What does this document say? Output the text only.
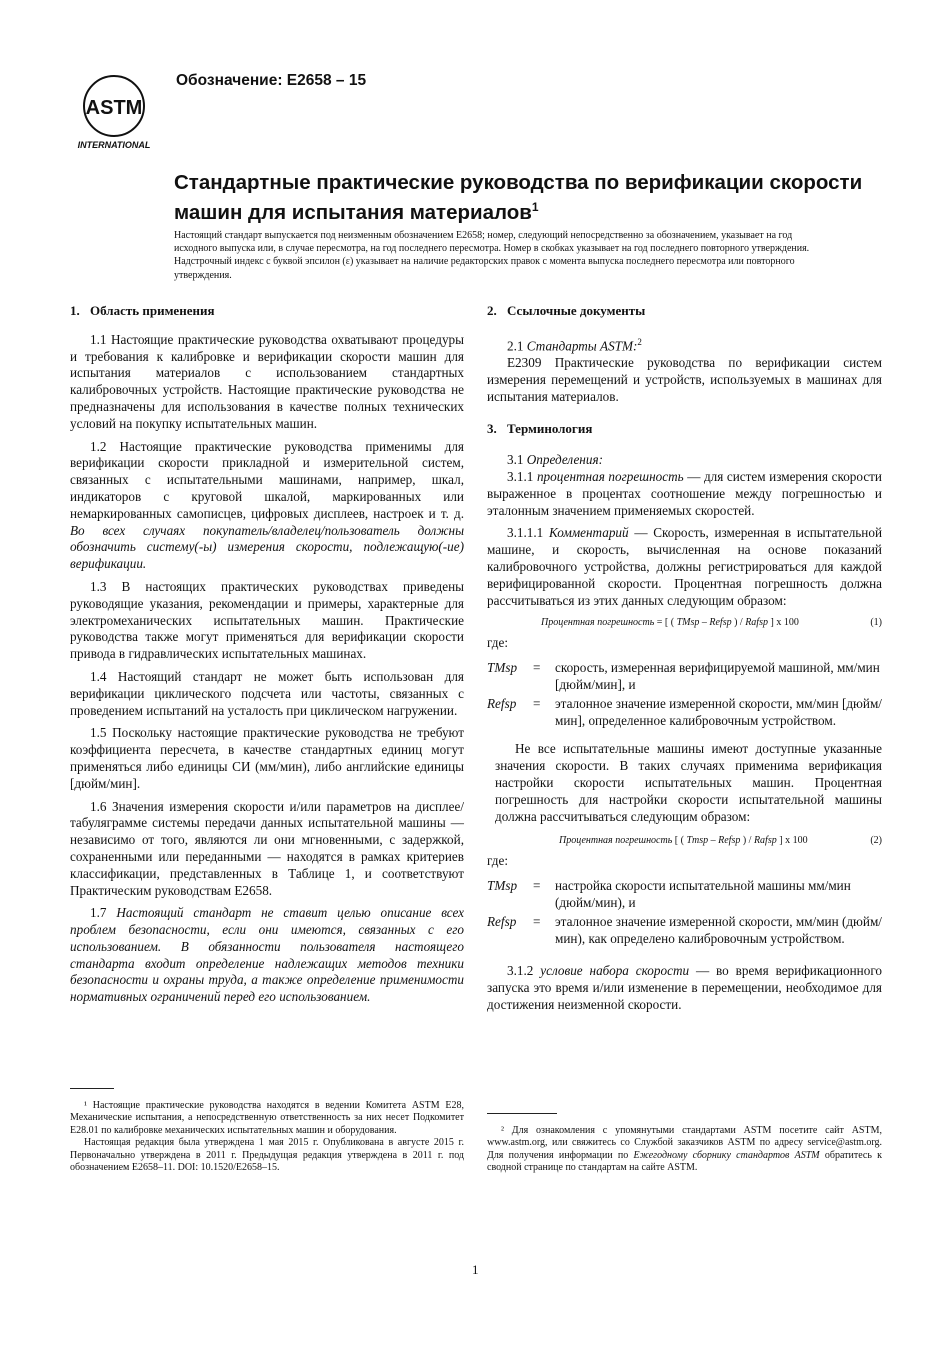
ASTM
INTERNATIONAL
Обозначение: E2658 – 15
Стандартные практические руководства по верификации скорости машин для испытания материалов$^1$
Настоящий стандарт выпускается под неизменным обозначением E2658; номер, следующий непосредственно за обозначением, указывает на год исходного выпуска или, в случае пересмотра, на год последнего пересмотра. Номер в скобках указывает на год последнего повторного утверждения. Надстрочный индекс с буквой эпсилон (ε) указывает на наличие редакторских правок с момента выпуска последнего пересмотра или повторного утверждения.
1. Область применения

1.1 Настоящие практические руководства охватывают процедуры и требования к калибровке и верификации скорости машин для испытания материалов с использованием стандартных калибровочных устройств. Настоящие практические руководства не предназначены для использования в качестве полных технических условий на покупку испытательных машин.

1.2 Настоящие практические руководства применимы для верификации скорости прикладной и измерительной систем, связанных с испытательными машинами, например, шкал, индикаторов с круговой шкалой, маркированных или немаркированных самописцев, цифровых дисплеев, настроек и т. д. Во всех случаях покупатель/владелец/пользователь должны обозначить систему(-ы) измерения скорости, подлежащую(-ие) верификации.

1.3 В настоящих практических руководствах приведены руководящие указания, рекомендации и примеры, характерные для электромеханических испытательных машин. Практические руководства также могут применяться для верификации скорости привода в гидравлических испытательных машинах.

1.4 Настоящий стандарт не может быть использован для верификации циклического подсчета или частоты, связанных с проведением испытаний на усталость при циклическом нагружении.

1.5 Поскольку настоящие практические руководства не требуют коэффициента пересчета, в качестве стандартных единиц могут применяться либо единицы СИ (мм/мин), либо английские единицы [дюйм/мин].

1.6 Значения измерения скорости и/или параметров на дисплее/табуляграмме системы передачи данных испытательной машины — независимо от того, являются ли они мгновенными, с задержкой, сохраненными или переданными — находятся в рамках критериев классификации, представленных в Таблице 1, и соответствуют Практическим руководствам E2658.

1.7 Настоящий стандарт не ставит целью описание всех проблем безопасности, если они имеются, связанных с его использованием. В обязанности пользователя настоящего стандарта входит определение надлежащих методов техники безопасности и охраны труда, а также определение применимости нормативных ограничений перед его использованием.

¹ Настоящие практические руководства находятся в ведении Комитета ASTM E28, Механические испытания, а непосредственную ответственность за них несет Подкомитет E28.01 по калибровке механических испытательных машин и оборудования.

Настоящая редакция была утверждена 1 мая 2015 г. Опубликована в августе 2015 г. Первоначально утверждена в 2011 г. Предыдущая редакция утверждена в 2011 г. под обозначением E2658–11. DOI: 10.1520/E2658–15.

2. Ссылочные документы

2.1 Стандарты ASTM:$^2$

E2309 Практические руководства по верификации систем измерения перемещений и устройств, используемых в машинах для испытания материалов.

3. Терминология

3.1 Определения:

3.1.1 процентная погрешность — для систем измерения скорости выраженное в процентах соотношение между погрешностью и эталонным значением применяемых скоростей.

3.1.1.1 Комментарий — Скорость, измеренная в испытательной машине, и скорость, вычисленная на основе показаний калибровочного устройства, должны регистрироваться для каждой верифицированной скорости. Процентная погрешность должна рассчитываться из этих данных следующим образом:

Процентная погрешность = [ ( TMsp – Refsp ) / Rafsp ] x 100	(1)
где:
TMsp	=	скорость, измеренная верифицируемой машиной, мм/мин [дюйм/мин], и
Refsp	=	эталонное значение измеренной скорости, мм/мин [дюйм/мин], определенное калибровочным устройством.

Не все испытательные машины имеют доступные указанные значения скорости. В таких случаях применима верификация настройки скорости испытательных машин. Процентная погрешность для настройки скорости испытательной машины должна рассчитываться следующим образом:

Процентная погрешность [ ( Tmsp – Refsp ) / Rafsp ] x 100	(2)
где:
TMsp	=	настройка скорости испытательной машины мм/мин (дюйм/мин), и
Refsp	=	эталонное значение измеренной скорости, мм/мин (дюйм/мин), как определено калибровочным устройством.

3.1.2 условие набора скорости — во время верификационного запуска это время и/или изменение в перемещении, необходимое для достижения неизменной скорости.

² Для ознакомления с упомянутыми стандартами ASTM посетите сайт ASTM, www.astm.org, или свяжитесь со Службой заказчиков ASTM по адресу service@astm.org. Для получения информации по Ежегодному сборнику стандартов ASTM обратитесь к сводной странице по стандартам на сайте ASTM.

1
